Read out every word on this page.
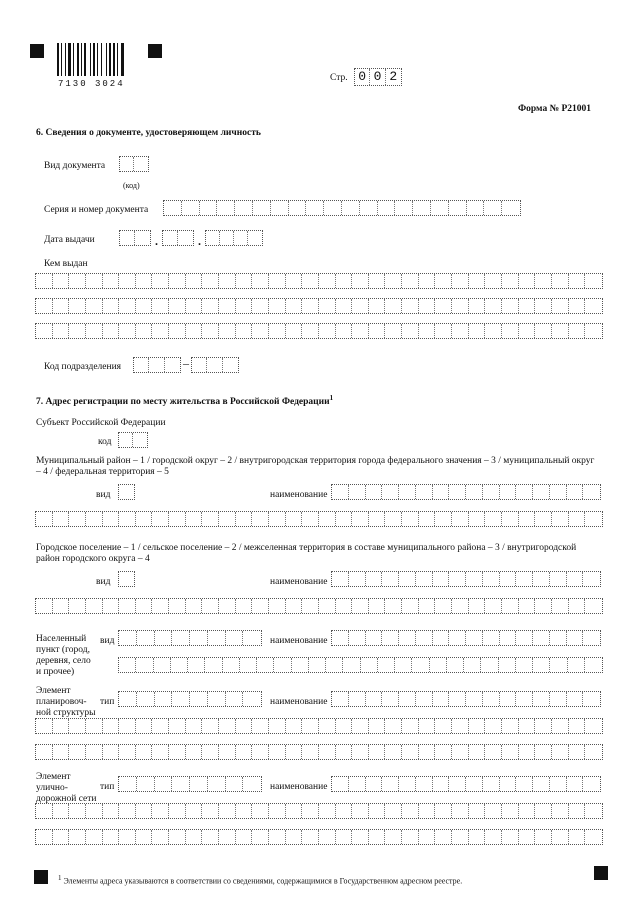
7130 3024
Стр. 0 0 2
Форма № Р21001
6. Сведения о документе, удостоверяющем личность
Вид документа
(код)
Серия и номер документа
Дата выдачи	.	.
Кем выдан
Код подразделения	–
7. Адрес регистрации по месту жительства в Российской Федерации$^1$
Субъект Российской Федерации
код
Муниципальный район – 1 / городской округ – 2 / внутригородская территория города федерального значения – 3 / муниципальный округ – 4 / федеральная территория – 5
вид	наименование
Городское поселение – 1 / сельское поселение – 2 / межселенная территория в составе муниципального района – 3 / внутригородской район городского округа – 4
вид	наименование
Населенный пункт (город, деревня, село и прочее)
вид	наименование
Элемент планировоч-ной структуры
тип	наименование
Элемент улично-дорожной сети
тип	наименование
$^1$ Элементы адреса указываются в соответствии со сведениями, содержащимися в Государственном адресном реестре.
